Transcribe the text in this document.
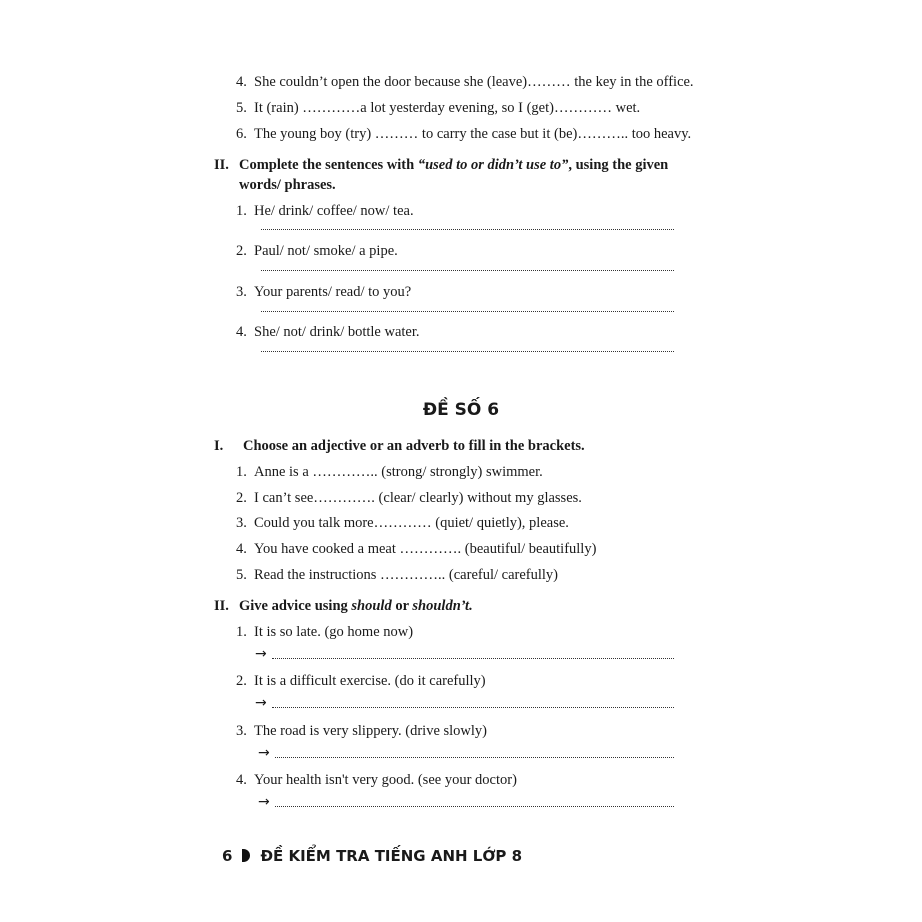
4. She couldn’t open the door because she (leave)……… the key in the office.
5. It (rain) …………a lot yesterday evening, so I (get)………… wet.
6. The young boy (try) ……… to carry the case but it (be)……….. too heavy.
II. Complete the sentences with “used to or didn’t use to”, using the given
words/ phrases.
1. He/ drink/ coffee/ now/ tea.
2. Paul/ not/ smoke/ a pipe.
3. Your parents/ read/ to you?
4. She/ not/ drink/ bottle water.
ĐỀ SỐ 6
I. Choose an adjective or an adverb to fill in the brackets.
1. Anne is a ………….. (strong/ strongly) swimmer.
2. I can’t see…………. (clear/ clearly) without my glasses.
3. Could you talk more………… (quiet/ quietly), please.
4. You have cooked a meat …………. (beautiful/ beautifully)
5. Read the instructions ………….. (careful/ carefully)
II. Give advice using should or shouldn’t.
1. It is so late. (go home now)
→
2. It is a difficult exercise. (do it carefully)
→
3. The road is very slippery. (drive slowly)
→
4. Your health isn't very good. (see your doctor)
→
6 ĐỀ KIỂM TRA TIẾNG ANH LỚP 8
